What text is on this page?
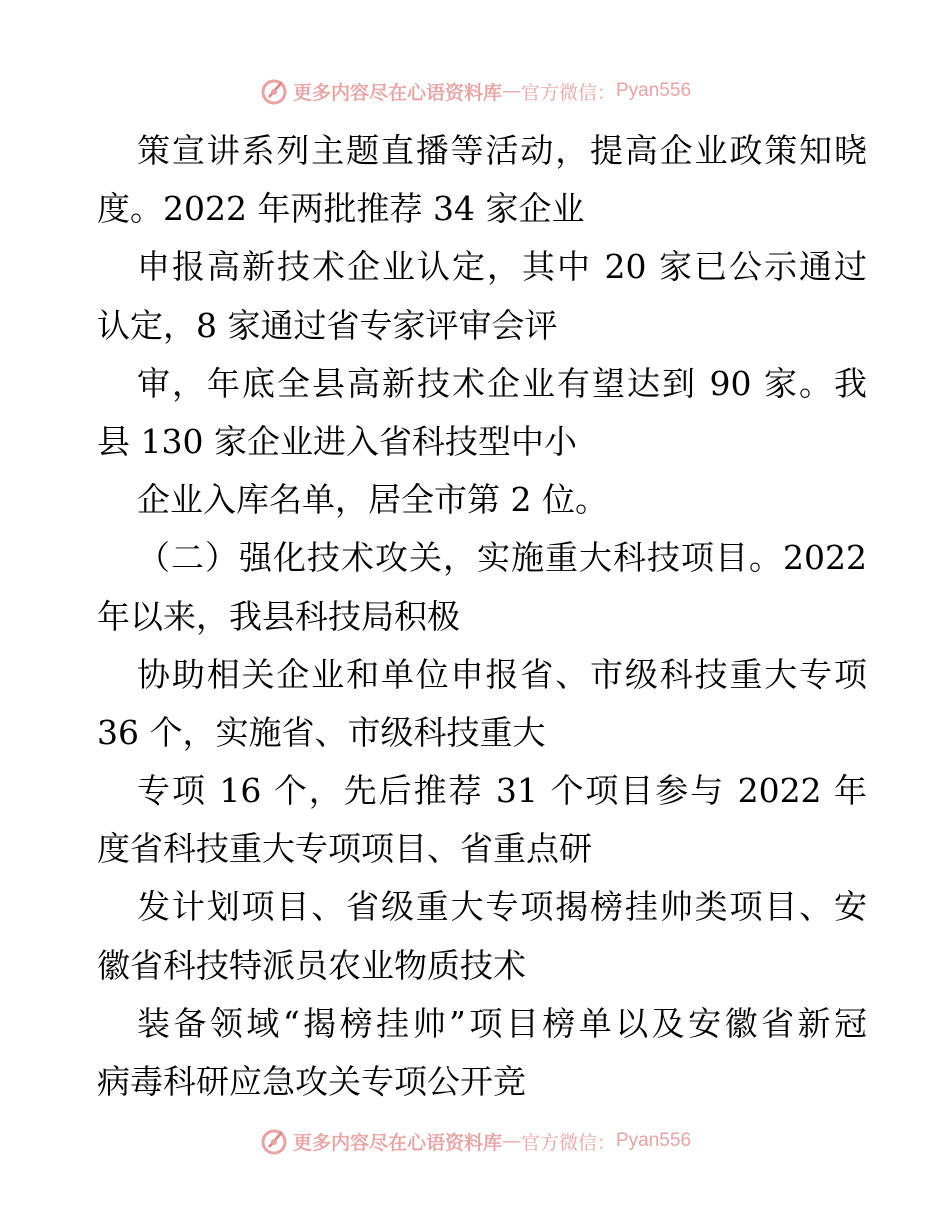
更多内容尽在心语资料库 — 官方微信： Pyan556
策宣讲系列主题直播等活动，提高企业政策知晓
度。2022 年两批推荐 34 家企业
申报高新技术企业认定，其中 20 家已公示通过
认定，8 家通过省专家评审会评
审，年底全县高新技术企业有望达到 90 家。我
县 130 家企业进入省科技型中小
企业入库名单，居全市第 2 位。
（二）强化技术攻关，实施重大科技项目。2022
年以来，我县科技局积极
协助相关企业和单位申报省、市级科技重大专项
36 个，实施省、市级科技重大
专项 16 个，先后推荐 31 个项目参与 2022 年
度省科技重大专项项目、省重点研
发计划项目、省级重大专项揭榜挂帅类项目、安
徽省科技特派员农业物质技术
装备领域“揭榜挂帅”项目榜单以及安徽省新冠
病毒科研应急攻关专项公开竞
更多内容尽在心语资料库 — 官方微信： Pyan556
